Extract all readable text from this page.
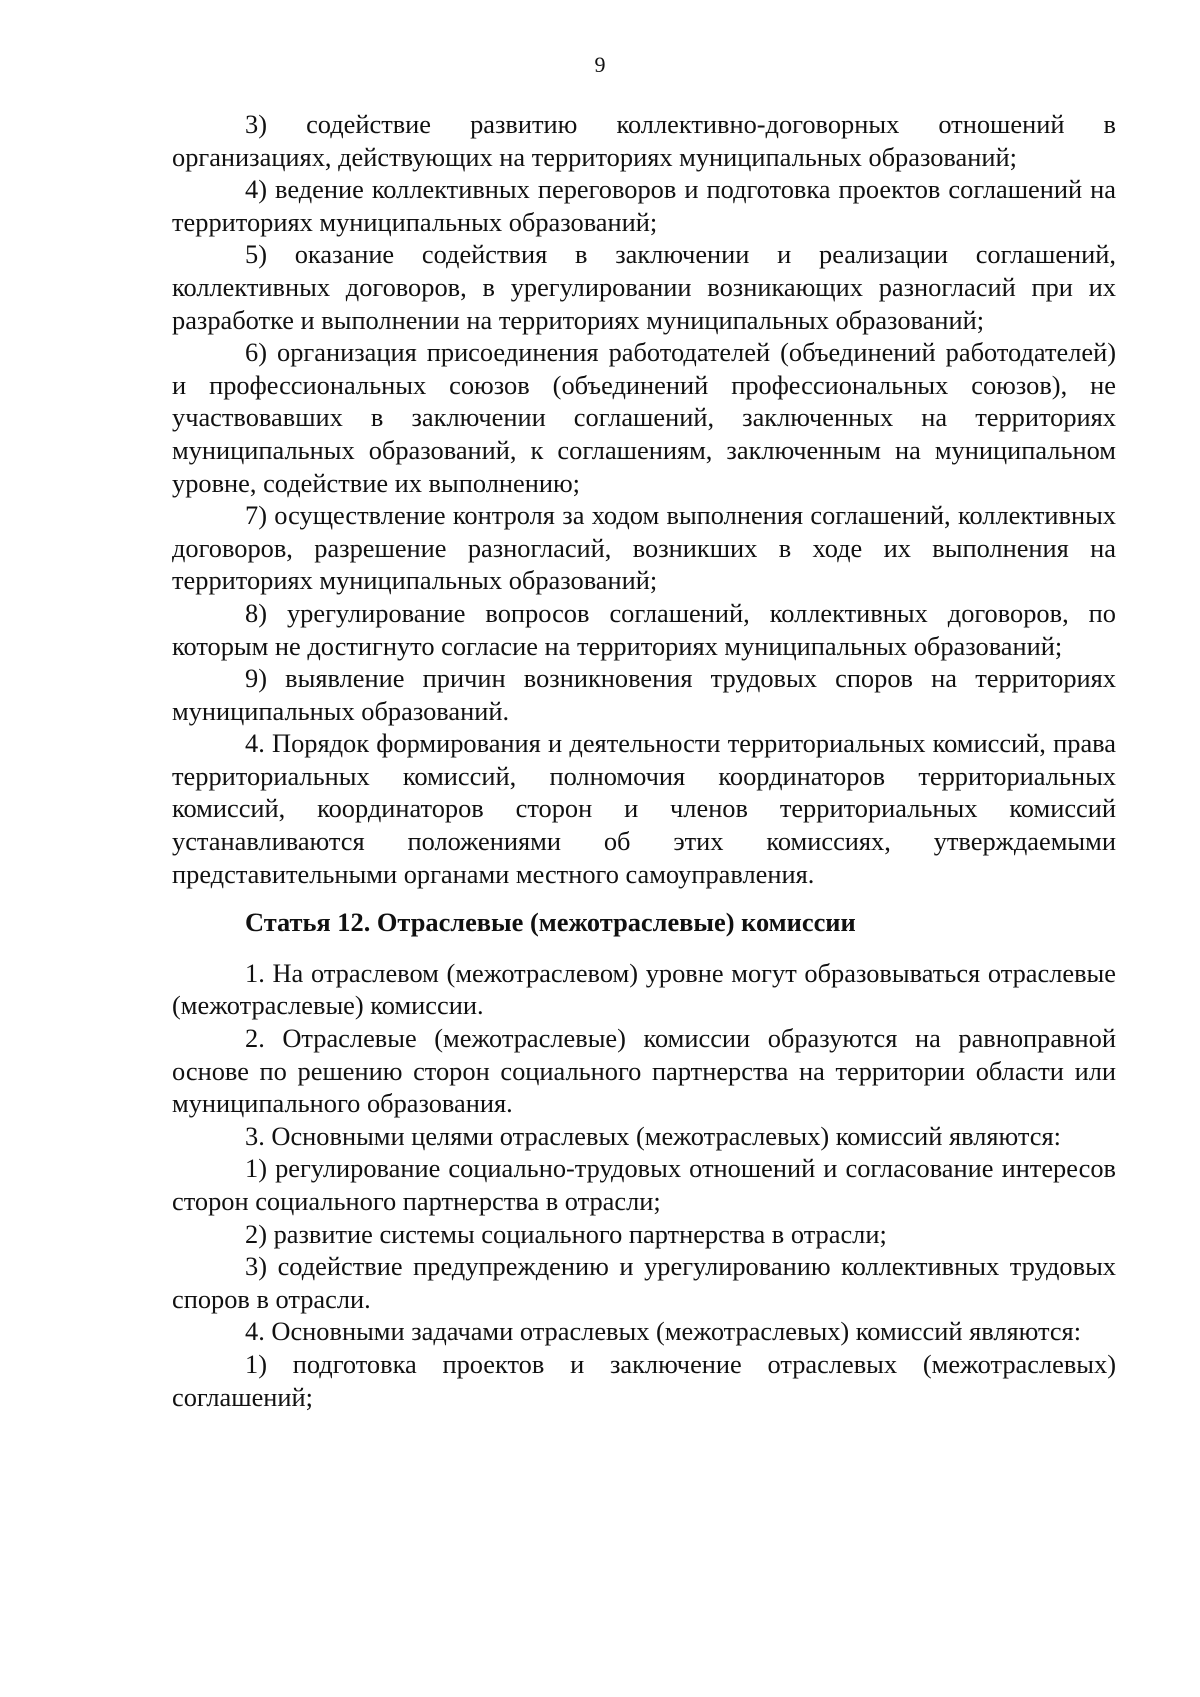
9

3) содействие развитию коллективно-договорных отношений в организациях, действующих на территориях муниципальных образований;

4) ведение коллективных переговоров и подготовка проектов соглашений на территориях муниципальных образований;

5) оказание содействия в заключении и реализации соглашений, коллективных договоров, в урегулировании возникающих разногласий при их разработке и выполнении на территориях муниципальных образований;

6) организация присоединения работодателей (объединений работодателей) и профессиональных союзов (объединений профессиональных союзов), не участвовавших в заключении соглашений, заключенных на территориях муниципальных образований, к соглашениям, заключенным на муниципальном уровне, содействие их выполнению;

7) осуществление контроля за ходом выполнения соглашений, коллективных договоров, разрешение разногласий, возникших в ходе их выполнения на территориях муниципальных образований;

8) урегулирование вопросов соглашений, коллективных договоров, по которым не достигнуто согласие на территориях муниципальных образований;

9) выявление причин возникновения трудовых споров на территориях муниципальных образований.

4. Порядок формирования и деятельности территориальных комиссий, права территориальных комиссий, полномочия координаторов территориальных комиссий, координаторов сторон и членов территориальных комиссий устанавливаются положениями об этих комиссиях, утверждаемыми представительными органами местного самоуправления.

Статья 12. Отраслевые (межотраслевые) комиссии

1. На отраслевом (межотраслевом) уровне могут образовываться отраслевые (межотраслевые) комиссии.

2. Отраслевые (межотраслевые) комиссии образуются на равноправной основе по решению сторон социального партнерства на территории области или муниципального образования.

3. Основными целями отраслевых (межотраслевых) комиссий являются:

1) регулирование социально-трудовых отношений и согласование интересов сторон социального партнерства в отрасли;

2) развитие системы социального партнерства в отрасли;

3) содействие предупреждению и урегулированию коллективных трудовых споров в отрасли.

4. Основными задачами отраслевых (межотраслевых) комиссий являются:

1) подготовка проектов и заключение отраслевых (межотраслевых) соглашений;
